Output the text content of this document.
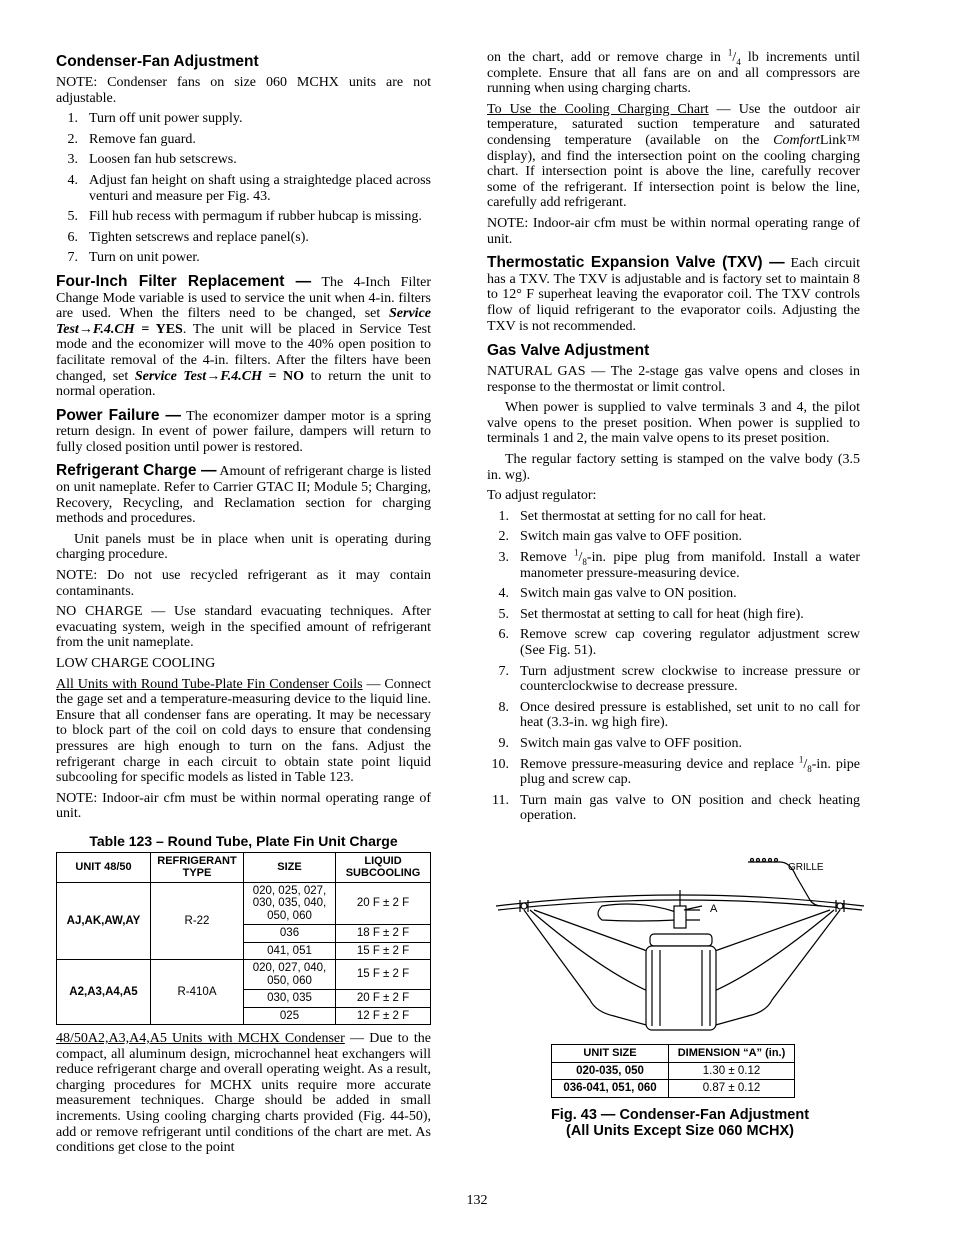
Condenser-Fan Adjustment

NOTE: Condenser fans on size 060 MCHX units are not adjustable.

1. Turn off unit power supply.
2. Remove fan guard.
3. Loosen fan hub setscrews.
4. Adjust fan height on shaft using a straightedge placed across venturi and measure per Fig. 43.
5. Fill hub recess with permagum if rubber hubcap is missing.
6. Tighten setscrews and replace panel(s).
7. Turn on unit power.

Four-Inch Filter Replacement — The 4-Inch Filter Change Mode variable is used to service the unit when 4-in. filters are used. When the filters need to be changed, set Service Test→F.4.CH = YES. The unit will be placed in Service Test mode and the economizer will move to the 40% open position to facilitate removal of the 4-in. filters. After the filters have been changed, set Service Test→F.4.CH = NO to return the unit to normal operation.

Power Failure — The economizer damper motor is a spring return design. In event of power failure, dampers will return to fully closed position until power is restored.

Refrigerant Charge — Amount of refrigerant charge is listed on unit nameplate. Refer to Carrier GTAC II; Module 5; Charging, Recovery, Recycling, and Reclamation section for charging methods and procedures.

Unit panels must be in place when unit is operating during charging procedure.

NOTE: Do not use recycled refrigerant as it may contain contaminants.

NO CHARGE — Use standard evacuating techniques. After evacuating system, weigh in the specified amount of refrigerant from the unit nameplate.

LOW CHARGE COOLING

All Units with Round Tube-Plate Fin Condenser Coils — Connect the gage set and a temperature-measuring device to the liquid line. Ensure that all condenser fans are operating. It may be necessary to block part of the coil on cold days to ensure that condensing pressures are high enough to turn on the fans. Adjust the refrigerant charge in each circuit to obtain state point liquid subcooling for specific models as listed in Table 123.

NOTE: Indoor-air cfm must be within normal operating range of unit.

Table 123 – Round Tube, Plate Fin Unit Charge
UNIT 48/50	REFRIGERANT TYPE	SIZE	LIQUID SUBCOOLING
AJ,AK,AW,AY	R-22	020, 025, 027, 030, 035, 040, 050, 060	20 F ± 2 F
		036	18 F ± 2 F
		041, 051	15 F ± 2 F
A2,A3,A4,A5	R-410A	020, 027, 040, 050, 060	15 F ± 2 F
		030, 035	20 F ± 2 F
		025	12 F ± 2 F

48/50A2,A3,A4,A5 Units with MCHX Condenser — Due to the compact, all aluminum design, microchannel heat exchangers will reduce refrigerant charge and overall operating weight. As a result, charging procedures for MCHX units require more accurate measurement techniques. Charge should be added in small increments. Using cooling charging charts provided (Fig. 44-50), add or remove refrigerant until conditions of the chart are met. As conditions get close to the point

on the chart, add or remove charge in $^1/_4$ lb increments until complete. Ensure that all fans are on and all compressors are running when using charging charts.

To Use the Cooling Charging Chart — Use the outdoor air temperature, saturated suction temperature and saturated condensing temperature (available on the ComfortLink™ display), and find the intersection point on the cooling charging chart. If intersection point is above the line, carefully recover some of the refrigerant. If intersection point is below the line, carefully add refrigerant.

NOTE: Indoor-air cfm must be within normal operating range of unit.

Thermostatic Expansion Valve (TXV) — Each circuit has a TXV. The TXV is adjustable and is factory set to maintain 8 to 12° F superheat leaving the evaporator coil. The TXV controls flow of liquid refrigerant to the evaporator coils. Adjusting the TXV is not recommended.

Gas Valve Adjustment

NATURAL GAS — The 2-stage gas valve opens and closes in response to the thermostat or limit control.

When power is supplied to valve terminals 3 and 4, the pilot valve opens to the preset position. When power is supplied to terminals 1 and 2, the main valve opens to its preset position.

The regular factory setting is stamped on the valve body (3.5 in. wg).

To adjust regulator:

1. Set thermostat at setting for no call for heat.
2. Switch main gas valve to OFF position.
3. Remove $^1/_8-in$. pipe plug from manifold. Install a water manometer pressure-measuring device.
4. Switch main gas valve to ON position.
5. Set thermostat at setting to call for heat (high fire).
6. Remove screw cap covering regulator adjustment screw (See Fig. 51).
7. Turn adjustment screw clockwise to increase pressure or counterclockwise to decrease pressure.
8. Once desired pressure is established, set unit to no call for heat (3.3-in. wg high fire).
9. Switch main gas valve to OFF position.
10. Remove pressure-measuring device and replace $^1/_8-in$. pipe plug and screw cap.
11. Turn main gas valve to ON position and check heating operation.
GRILLE
A
UNIT SIZE	DIMENSION “A” (in.)
020-035, 050	1.30 ± 0.12
036-041, 051, 060	0.87 ± 0.12
Fig. 43 — Condenser-Fan Adjustment
(All Units Except Size 060 MCHX)
132
